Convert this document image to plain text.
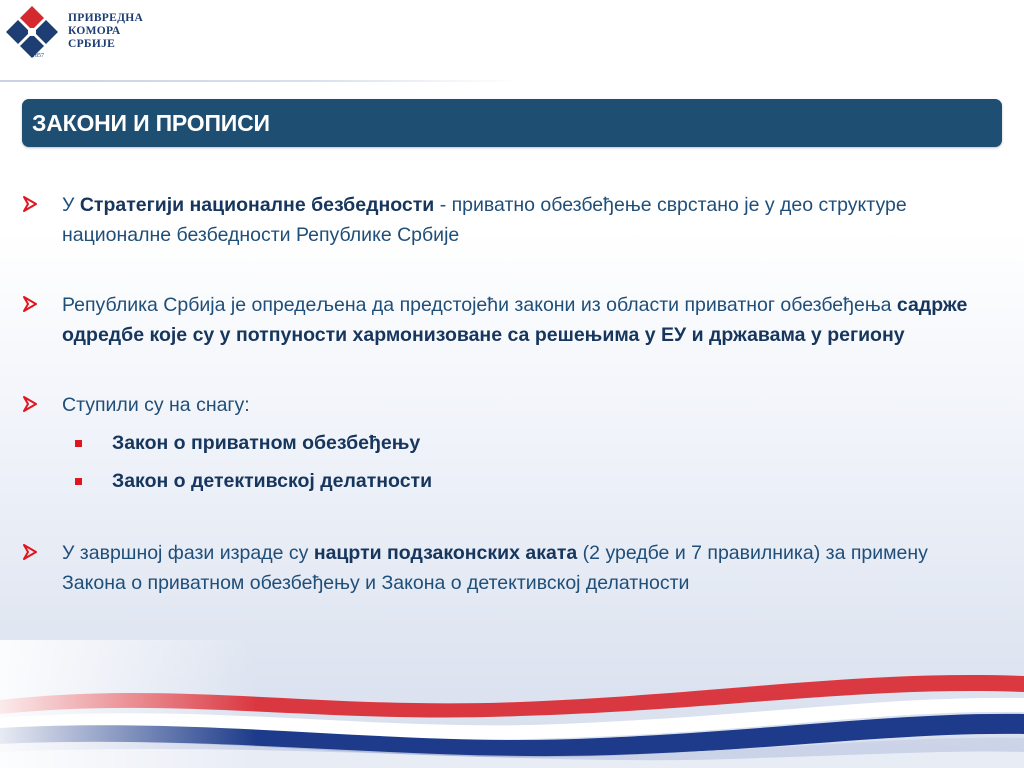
1857
ПРИВРЕДНА
КОМОРА
СРБИЈЕ
ЗАКОНИ И ПРОПИСИ
У Стратегији националне безбедности - приватно обезбеђење сврстано је у део структуре националне безбедности Републике Србије
Република Србија је опредељена да предстојећи закони из области приватног обезбеђења садрже одредбе које су у потпуности хармонизоване са решењима у ЕУ и државама у региону
Ступили су на снагу:
Закон о приватном обезбеђењу
Закон о детективској делатности
У завршној фази израде су нацрти подзаконских аката (2 уредбе и 7 правилника) за примену Закона о приватном обезбеђењу и Закона о детективској делатности
